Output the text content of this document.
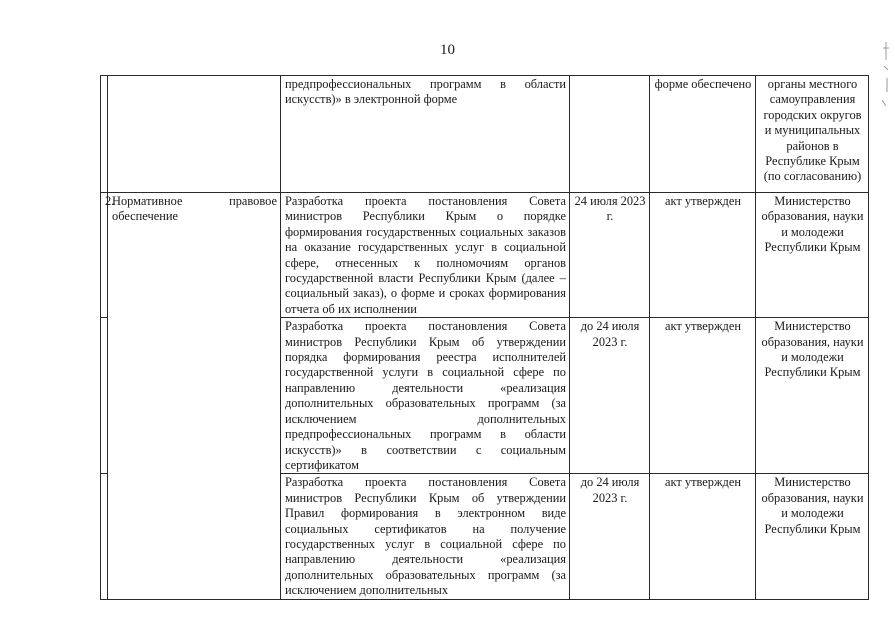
10
		предпрофессиональных программ в области искусств)» в электронной форме		форме обеспечено	органы местного самоуправления городских округов и муниципальных районов в Республике Крым (по согласованию)
2.	Нормативное правовое обеспечение	Разработка проекта постановления Совета министров Республики Крым о порядке формирования государственных социальных заказов на оказание государственных услуг в социальной сфере, отнесенных к полномочиям органов государственной власти Республики Крым (далее – социальный заказ), о форме и сроках формирования отчета об их исполнении	24 июля 2023 г.	акт утвержден	Министерство образования, науки и молодежи Республики Крым
		Разработка проекта постановления Совета министров Республики Крым об утверждении порядка формирования реестра исполнителей государственной услуги в социальной сфере по направлению деятельности «реализация дополнительных образовательных программ (за исключением дополнительных предпрофессиональных программ в области искусств)» в соответствии с социальным сертификатом	до 24 июля 2023 г.	акт утвержден	Министерство образования, науки и молодежи Республики Крым
		Разработка проекта постановления Совета министров Республики Крым об утверждении Правил формирования в электронном виде социальных сертификатов на получение государственных услуг в социальной сфере по направлению деятельности «реализация дополнительных образовательных программ (за исключением дополнительных	до 24 июля 2023 г.	акт утвержден	Министерство образования, науки и молодежи Республики Крым
